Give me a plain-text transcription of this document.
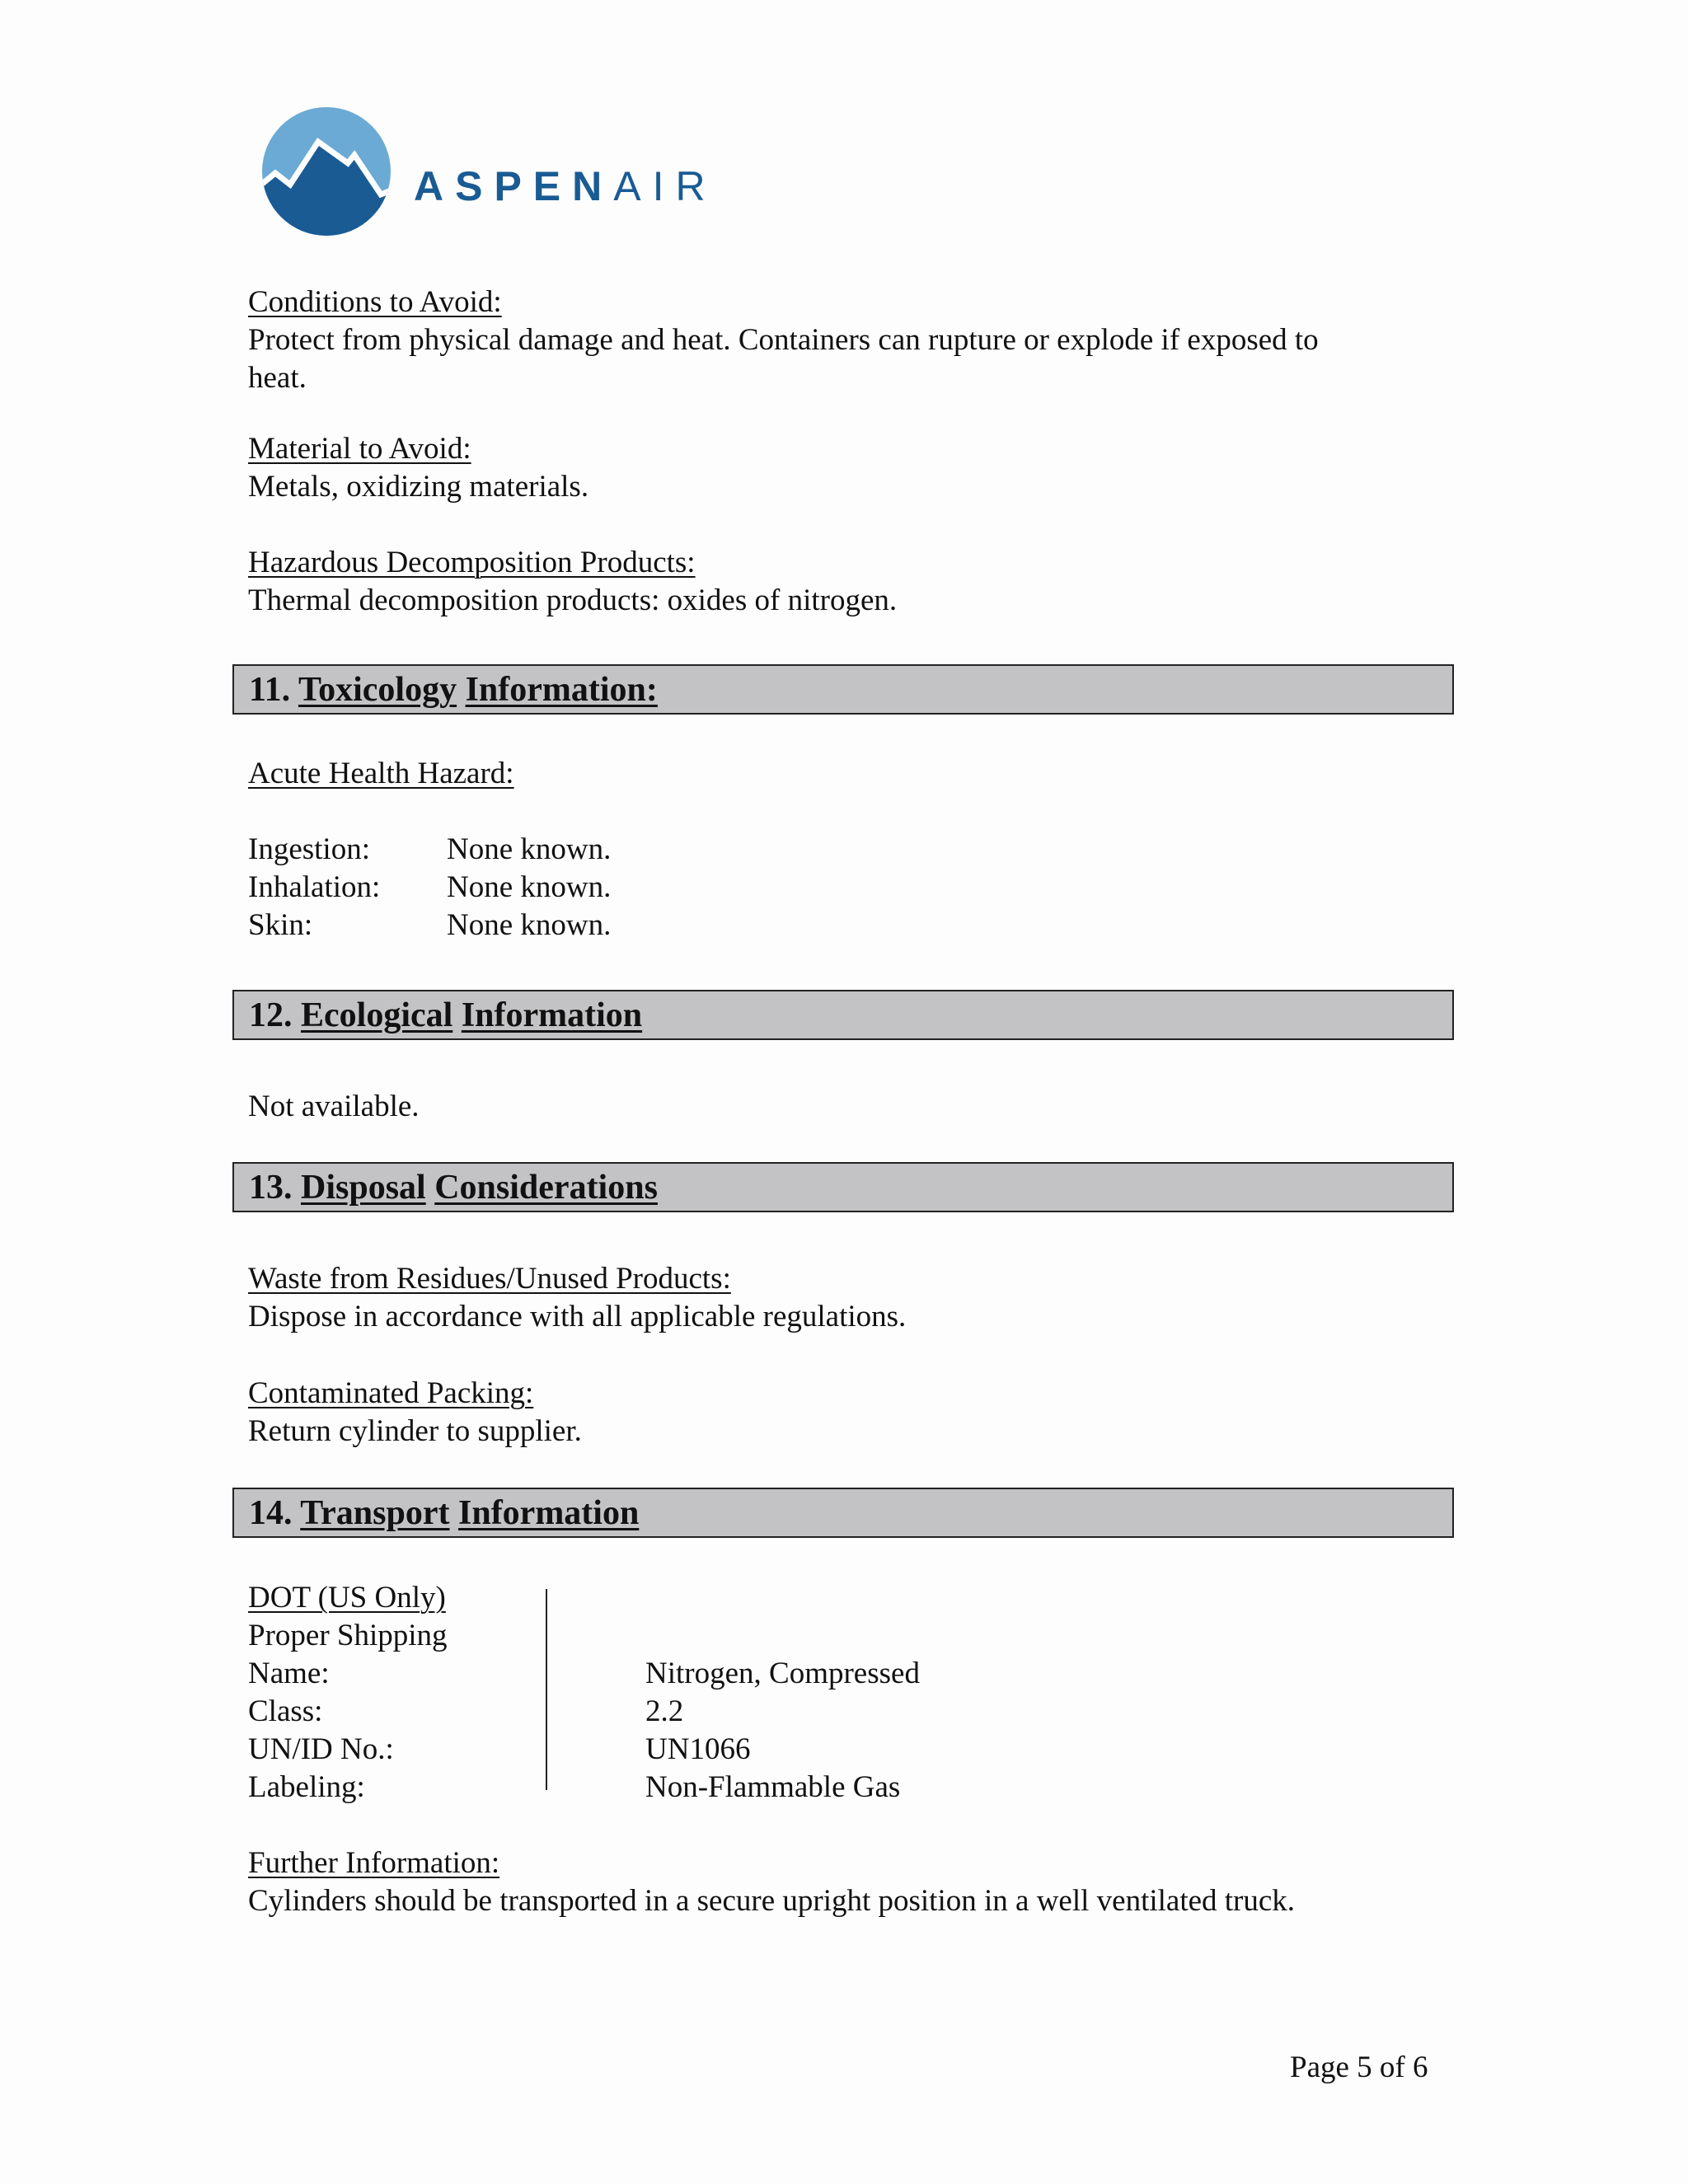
ASPENAIR
Conditions to Avoid:
Protect from physical damage and heat. Containers can rupture or explode if exposed to
heat.
Material to Avoid:
Metals, oxidizing materials.
Hazardous Decomposition Products:
Thermal decomposition products: oxides of nitrogen.
11. Toxicology Information:
Acute Health Hazard:
Ingestion:	None known.
Inhalation: None known.
Skin:	None known.
12. Ecological Information
Not available.
13. Disposal Considerations
Waste from Residues/Unused Products:
Dispose in accordance with all applicable regulations.
Contaminated Packing:
Return cylinder to supplier.
14. Transport Information
DOT (US Only)
Proper Shipping
Name:	Nitrogen, Compressed
Class:	2.2
UN/ID No.:	UN1066
Labeling:	Non-Flammable Gas
Further Information:
Cylinders should be transported in a secure upright position in a well ventilated truck.
Page 5 of 6
